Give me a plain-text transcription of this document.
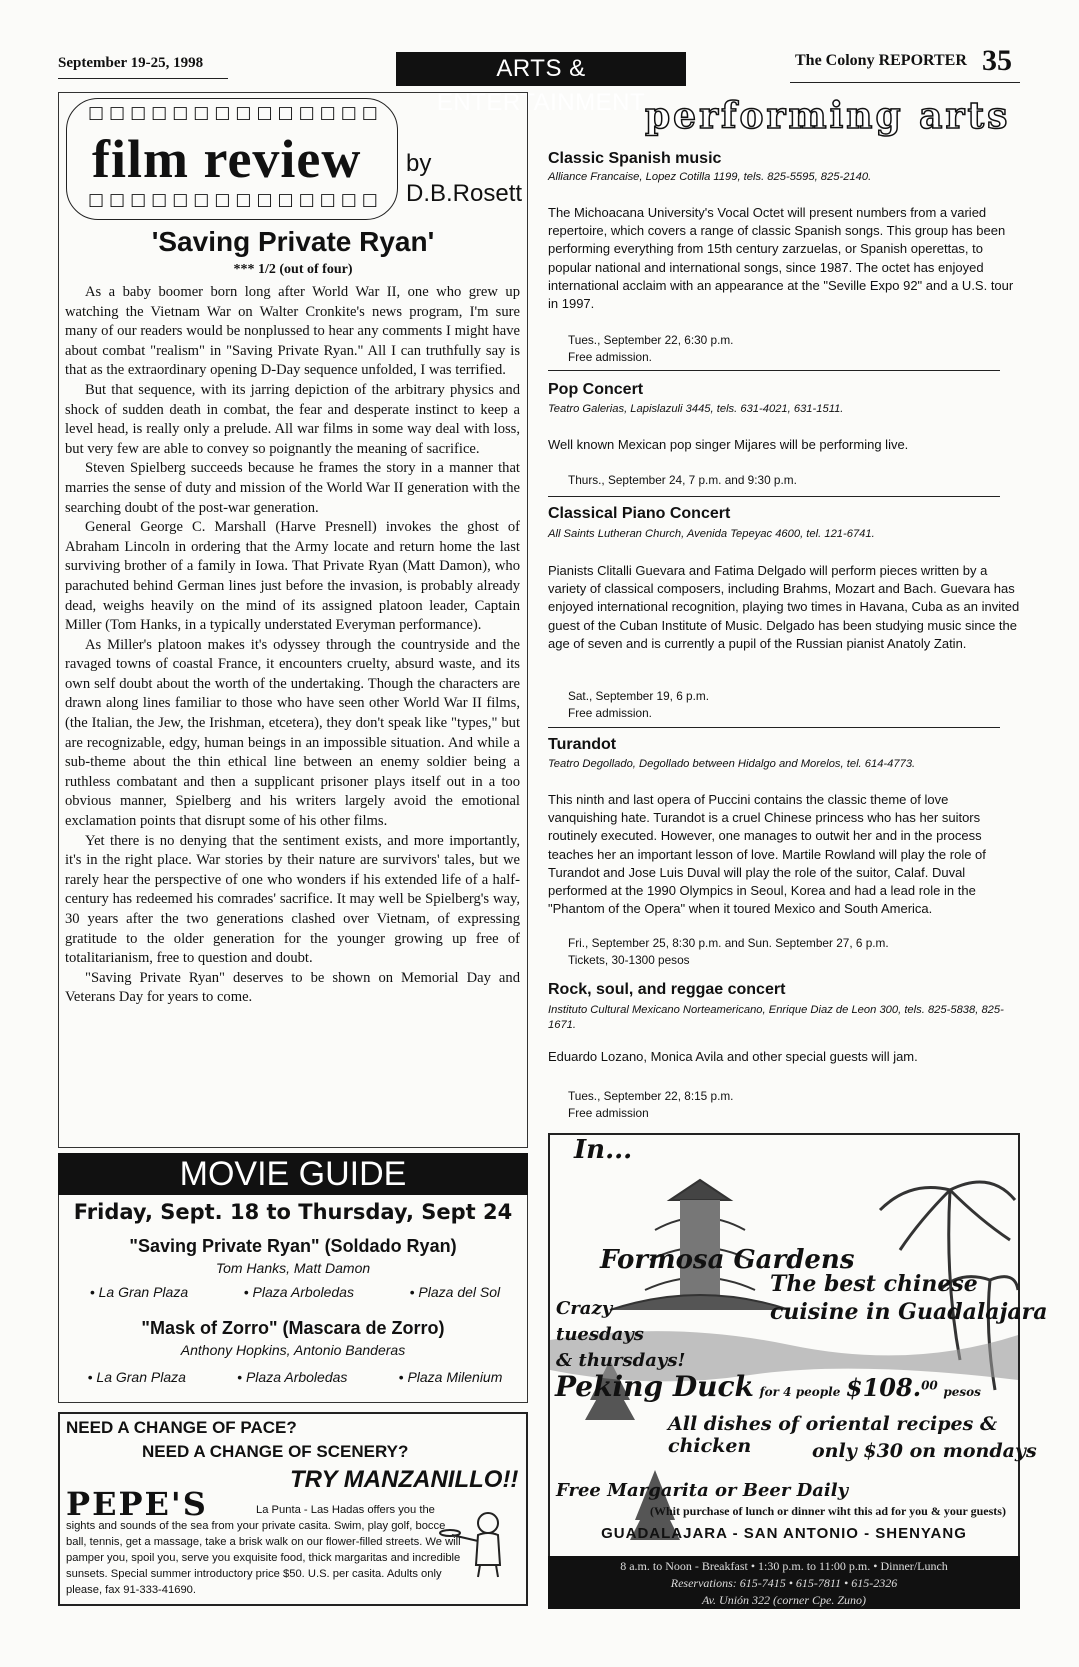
September 19-25, 1998	ARTS & ENTERTAINMENT
The Colony REPORTER 35
□□□□□□□□□□□□□□
film review
□□□□□□□□□□□□□□
by
D.B.Rosett
'Saving Private Ryan'
*** 1/2 (out of four)

As a baby boomer born long after World War II, one who grew up watching the Vietnam War on Walter Cronkite's news program, I'm sure many of our readers would be nonplussed to hear any comments I might have about combat "realism" in "Saving Private Ryan." All I can truthfully say is that as the extraordinary opening D-Day sequence unfolded, I was terrified.

But that sequence, with its jarring depiction of the arbitrary physics and shock of sudden death in combat, the fear and desperate instinct to keep a level head, is really only a prelude. All war films in some way deal with loss, but very few are able to convey so poignantly the meaning of sacrifice.

Steven Spielberg succeeds because he frames the story in a manner that marries the sense of duty and mission of the World War II generation with the searching doubt of the post-war generation.

General George C. Marshall (Harve Presnell) invokes the ghost of Abraham Lincoln in ordering that the Army locate and return home the last surviving brother of a family in Iowa. That Private Ryan (Matt Damon), who parachuted behind German lines just before the invasion, is probably already dead, weighs heavily on the mind of its assigned platoon leader, Captain Miller (Tom Hanks, in a typically understated Everyman performance).

As Miller's platoon makes it's odyssey through the countryside and the ravaged towns of coastal France, it encounters cruelty, absurd waste, and its own self doubt about the worth of the undertaking. Though the characters are drawn along lines familiar to those who have seen other World War II films, (the Italian, the Jew, the Irishman, etcetera), they don't speak like "types," but are recognizable, edgy, human beings in an impossible situation. And while a sub-theme about the thin ethical line between an enemy soldier being a ruthless combatant and then a supplicant prisoner plays itself out in a too obvious manner, Spielberg and his writers largely avoid the emotional exclamation points that disrupt some of his other films.

Yet there is no denying that the sentiment exists, and more importantly, it's in the right place. War stories by their nature are survivors' tales, but we rarely hear the perspective of one who wonders if his extended life of a half-century has redeemed his comrades' sacrifice. It may well be Spielberg's way, 30 years after the two generations clashed over Vietnam, of expressing gratitude to the older generation for the younger growing up free of totalitarianism, free to question and doubt.

"Saving Private Ryan" deserves to be shown on Memorial Day and Veterans Day for years to come.

MOVIE GUIDE
Friday, Sept. 18 to Thursday, Sept 24
"Saving Private Ryan" (Soldado Ryan)
Tom Hanks, Matt Damon
• La Gran Plaza	• Plaza Arboledas	• Plaza del Sol
"Mask of Zorro" (Mascara de Zorro)
Anthony Hopkins, Antonio Banderas
• La Gran Plaza	• Plaza Arboledas	• Plaza Milenium
NEED A CHANGE OF PACE?
NEED A CHANGE OF SCENERY?
TRY MANZANILLO!!
PEPE'S	La Punta - Las Hadas offers you the
sights and sounds of the sea from your private casita. Swim, play golf, bocce ball, tennis, get a massage, take a brisk walk on our flower-filled streets. We will pamper you, spoil you, serve you exquisite food, thick margaritas and incredible sunsets. Special summer introductory price $50. U.S. per casita. Adults only please, fax 91-333-41690.
performing arts
Classic Spanish music
Alliance Francaise, Lopez Cotilla 1199, tels. 825-5595, 825-2140.
The Michoacana University's Vocal Octet will present numbers from a varied repertoire, which covers a range of classic Spanish songs. This group has been performing everything from 15th century zarzuelas, or Spanish operettas, to popular national and international songs, since 1987. The octet has enjoyed international acclaim with an appearance at the "Seville Expo 92" and a U.S. tour in 1997.
Tues., September 22, 6:30 p.m.
Free admission.
Pop Concert
Teatro Galerias, Lapislazuli 3445, tels. 631-4021, 631-1511.
Well known Mexican pop singer Mijares will be performing live.
Thurs., September 24, 7 p.m. and 9:30 p.m.
Classical Piano Concert
All Saints Lutheran Church, Avenida Tepeyac 4600, tel. 121-6741.
Pianists Clitalli Guevara and Fatima Delgado will perform pieces written by a variety of classical composers, including Brahms, Mozart and Bach. Guevara has enjoyed international recognition, playing two times in Havana, Cuba as an invited guest of the Cuban Institute of Music. Delgado has been studying music since the age of seven and is currently a pupil of the Russian pianist Anatoly Zatin.
Sat., September 19, 6 p.m.
Free admission.
Turandot
Teatro Degollado, Degollado between Hidalgo and Morelos, tel. 614-4773.
This ninth and last opera of Puccini contains the classic theme of love vanquishing hate. Turandot is a cruel Chinese princess who has her suitors routinely executed. However, one manages to outwit her and in the process teaches her an important lesson of love. Martile Rowland will play the role of Turandot and Jose Luis Duval will play the role of the suitor, Calaf. Duval performed at the 1990 Olympics in Seoul, Korea and had a lead role in the "Phantom of the Opera" when it toured Mexico and South America.
Fri., September 25, 8:30 p.m. and Sun. September 27, 6 p.m.
Tickets, 30-1300 pesos
Rock, soul, and reggae concert
Instituto Cultural Mexicano Norteamericano, Enrique Diaz de Leon 300, tels. 825-5838, 825-1671.
Eduardo Lozano, Monica Avila and other special guests will jam.
Tues., September 22, 8:15 p.m.
Free admission
In...
Formosa Gardens
The best chinese
cuisine in Guadalajara
Crazy
tuesdays
& thursdays!
Peking Duck for 4 people $108.00 pesos
All dishes of oriental recipes & chicken	only $30 on mondays
Free Margarita or Beer Daily
(Whit purchase of lunch or dinner wiht this ad for you & your guests)
GUADALAJARA - SAN ANTONIO - SHENYANG
8 a.m. to Noon - Breakfast • 1:30 p.m. to 11:00 p.m. • Dinner/Lunch
Reservations: 615-7415 • 615-7811 • 615-2326
Av. Unión 322 (corner Cpe. Zuno)
